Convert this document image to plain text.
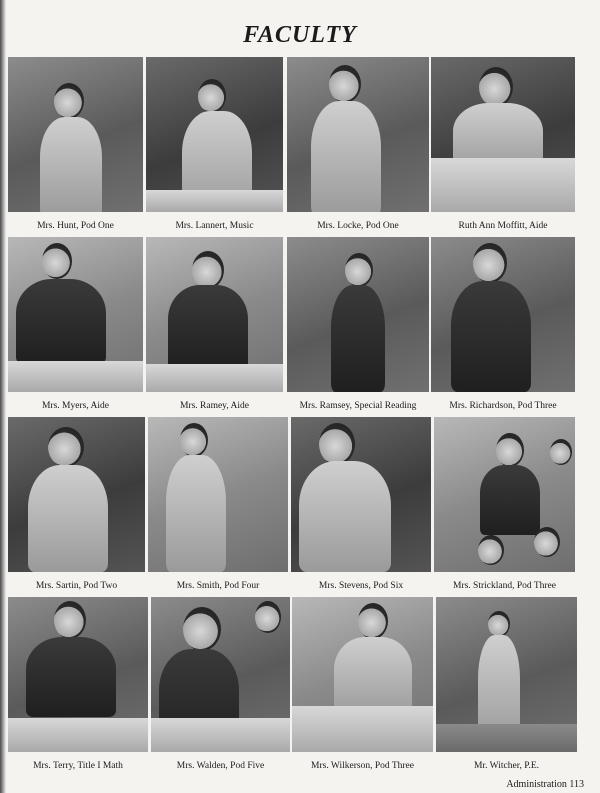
FACULTY
Mrs. Hunt, Pod One	Mrs. Lannert, Music	Mrs. Locke, Pod One	Ruth Ann Moffitt, Aide
Mrs. Myers, Aide	Mrs. Ramey, Aide	Mrs. Ramsey, Special Reading	Mrs. Richardson, Pod Three
Mrs. Sartin, Pod Two	Mrs. Smith, Pod Four	Mrs. Stevens, Pod Six	Mrs. Strickland, Pod Three
Mrs. Terry, Title I Math	Mrs. Walden, Pod Five	Mrs. Wilkerson, Pod Three	Mr. Witcher, P.E.
Administration 113
